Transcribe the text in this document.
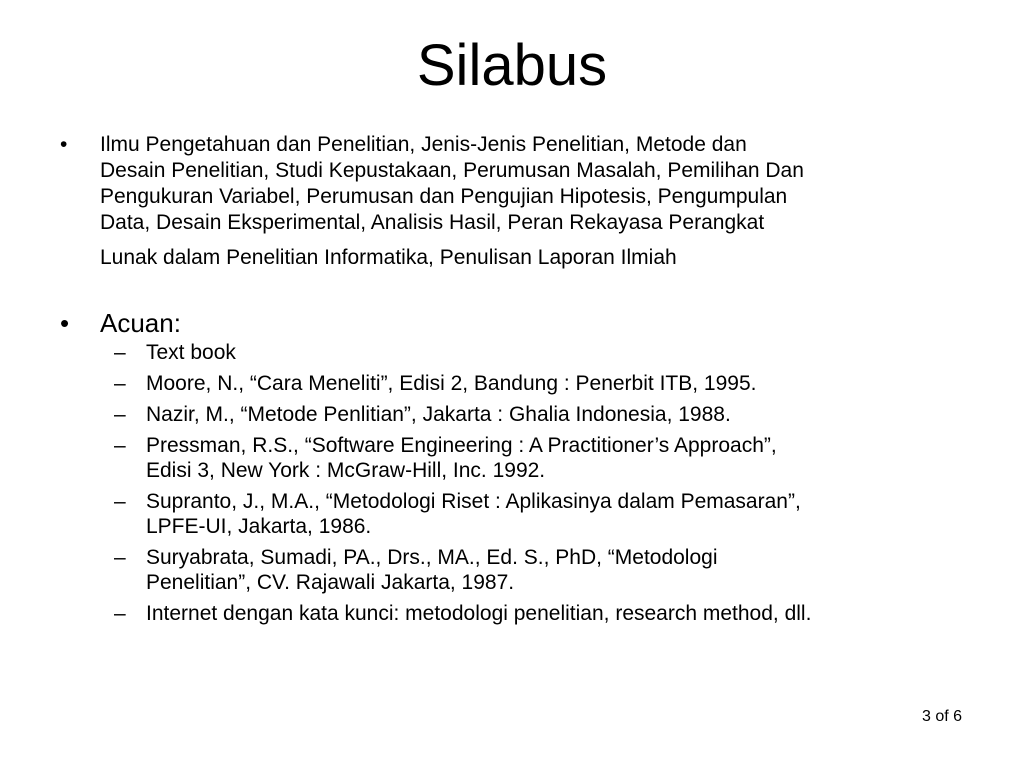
Silabus
•	Ilmu Pengetahuan dan Penelitian, Jenis-Jenis Penelitian, Metode dan
Desain Penelitian, Studi Kepustakaan, Perumusan Masalah, Pemilihan Dan
Pengukuran Variabel, Perumusan dan Pengujian Hipotesis, Pengumpulan
Data, Desain Eksperimental, Analisis Hasil, Peran Rekayasa Perangkat
Lunak dalam Penelitian Informatika, Penulisan Laporan Ilmiah
•	Acuan:
– Text book
– Moore, N., “Cara Meneliti”, Edisi 2, Bandung : Penerbit ITB, 1995.
– Nazir, M., “Metode Penlitian”, Jakarta : Ghalia Indonesia, 1988.
– Pressman, R.S., “Software Engineering : A Practitioner’s Approach”,
Edisi 3, New York : McGraw-Hill, Inc. 1992.
– Supranto, J., M.A., “Metodologi Riset : Aplikasinya dalam Pemasaran”,
LPFE-UI, Jakarta, 1986.
– Suryabrata, Sumadi, PA., Drs., MA., Ed. S., PhD, “Metodologi
Penelitian”, CV. Rajawali Jakarta, 1987.
– Internet dengan kata kunci: metodologi penelitian, research method, dll.
3 of 6
